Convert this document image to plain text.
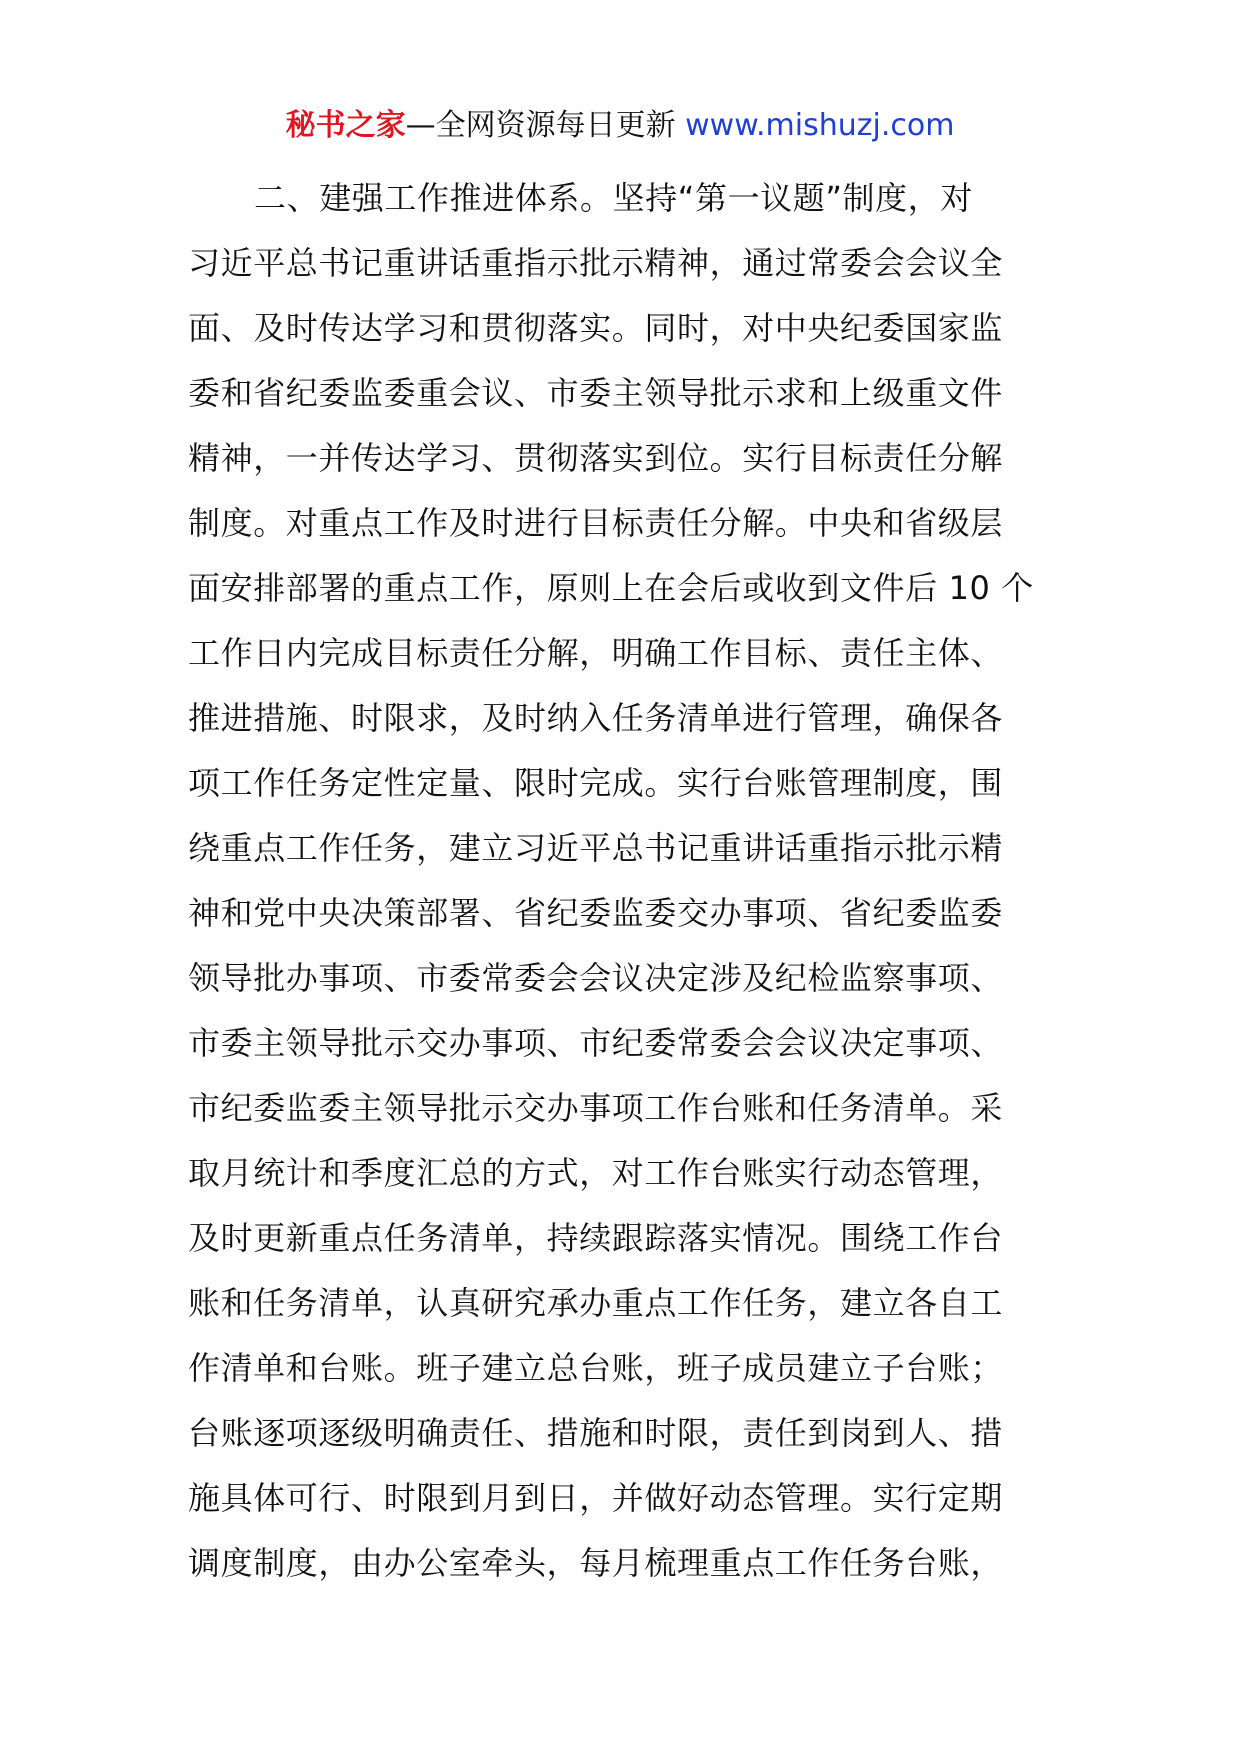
秘书之家—全网资源每日更新 www.mishuzj.com
二、建强工作推进体系。坚持“第一议题”制度，对
习近平总书记重讲话重指示批示精神，通过常委会会议全
面、及时传达学习和贯彻落实。同时，对中央纪委国家监
委和省纪委监委重会议、市委主领导批示求和上级重文件
精神，一并传达学习、贯彻落实到位。实行目标责任分解
制度。对重点工作及时进行目标责任分解。中央和省级层
面安排部署的重点工作，原则上在会后或收到文件后 10 个
工作日内完成目标责任分解，明确工作目标、责任主体、
推进措施、时限求，及时纳入任务清单进行管理，确保各
项工作任务定性定量、限时完成。实行台账管理制度，围
绕重点工作任务，建立习近平总书记重讲话重指示批示精
神和党中央决策部署、省纪委监委交办事项、省纪委监委
领导批办事项、市委常委会会议决定涉及纪检监察事项、
市委主领导批示交办事项、市纪委常委会会议决定事项、
市纪委监委主领导批示交办事项工作台账和任务清单。采
取月统计和季度汇总的方式，对工作台账实行动态管理，
及时更新重点任务清单，持续跟踪落实情况。围绕工作台
账和任务清单，认真研究承办重点工作任务，建立各自工
作清单和台账。班子建立总台账，班子成员建立子台账；
台账逐项逐级明确责任、措施和时限，责任到岗到人、措
施具体可行、时限到月到日，并做好动态管理。实行定期
调度制度，由办公室牵头，每月梳理重点工作任务台账，
